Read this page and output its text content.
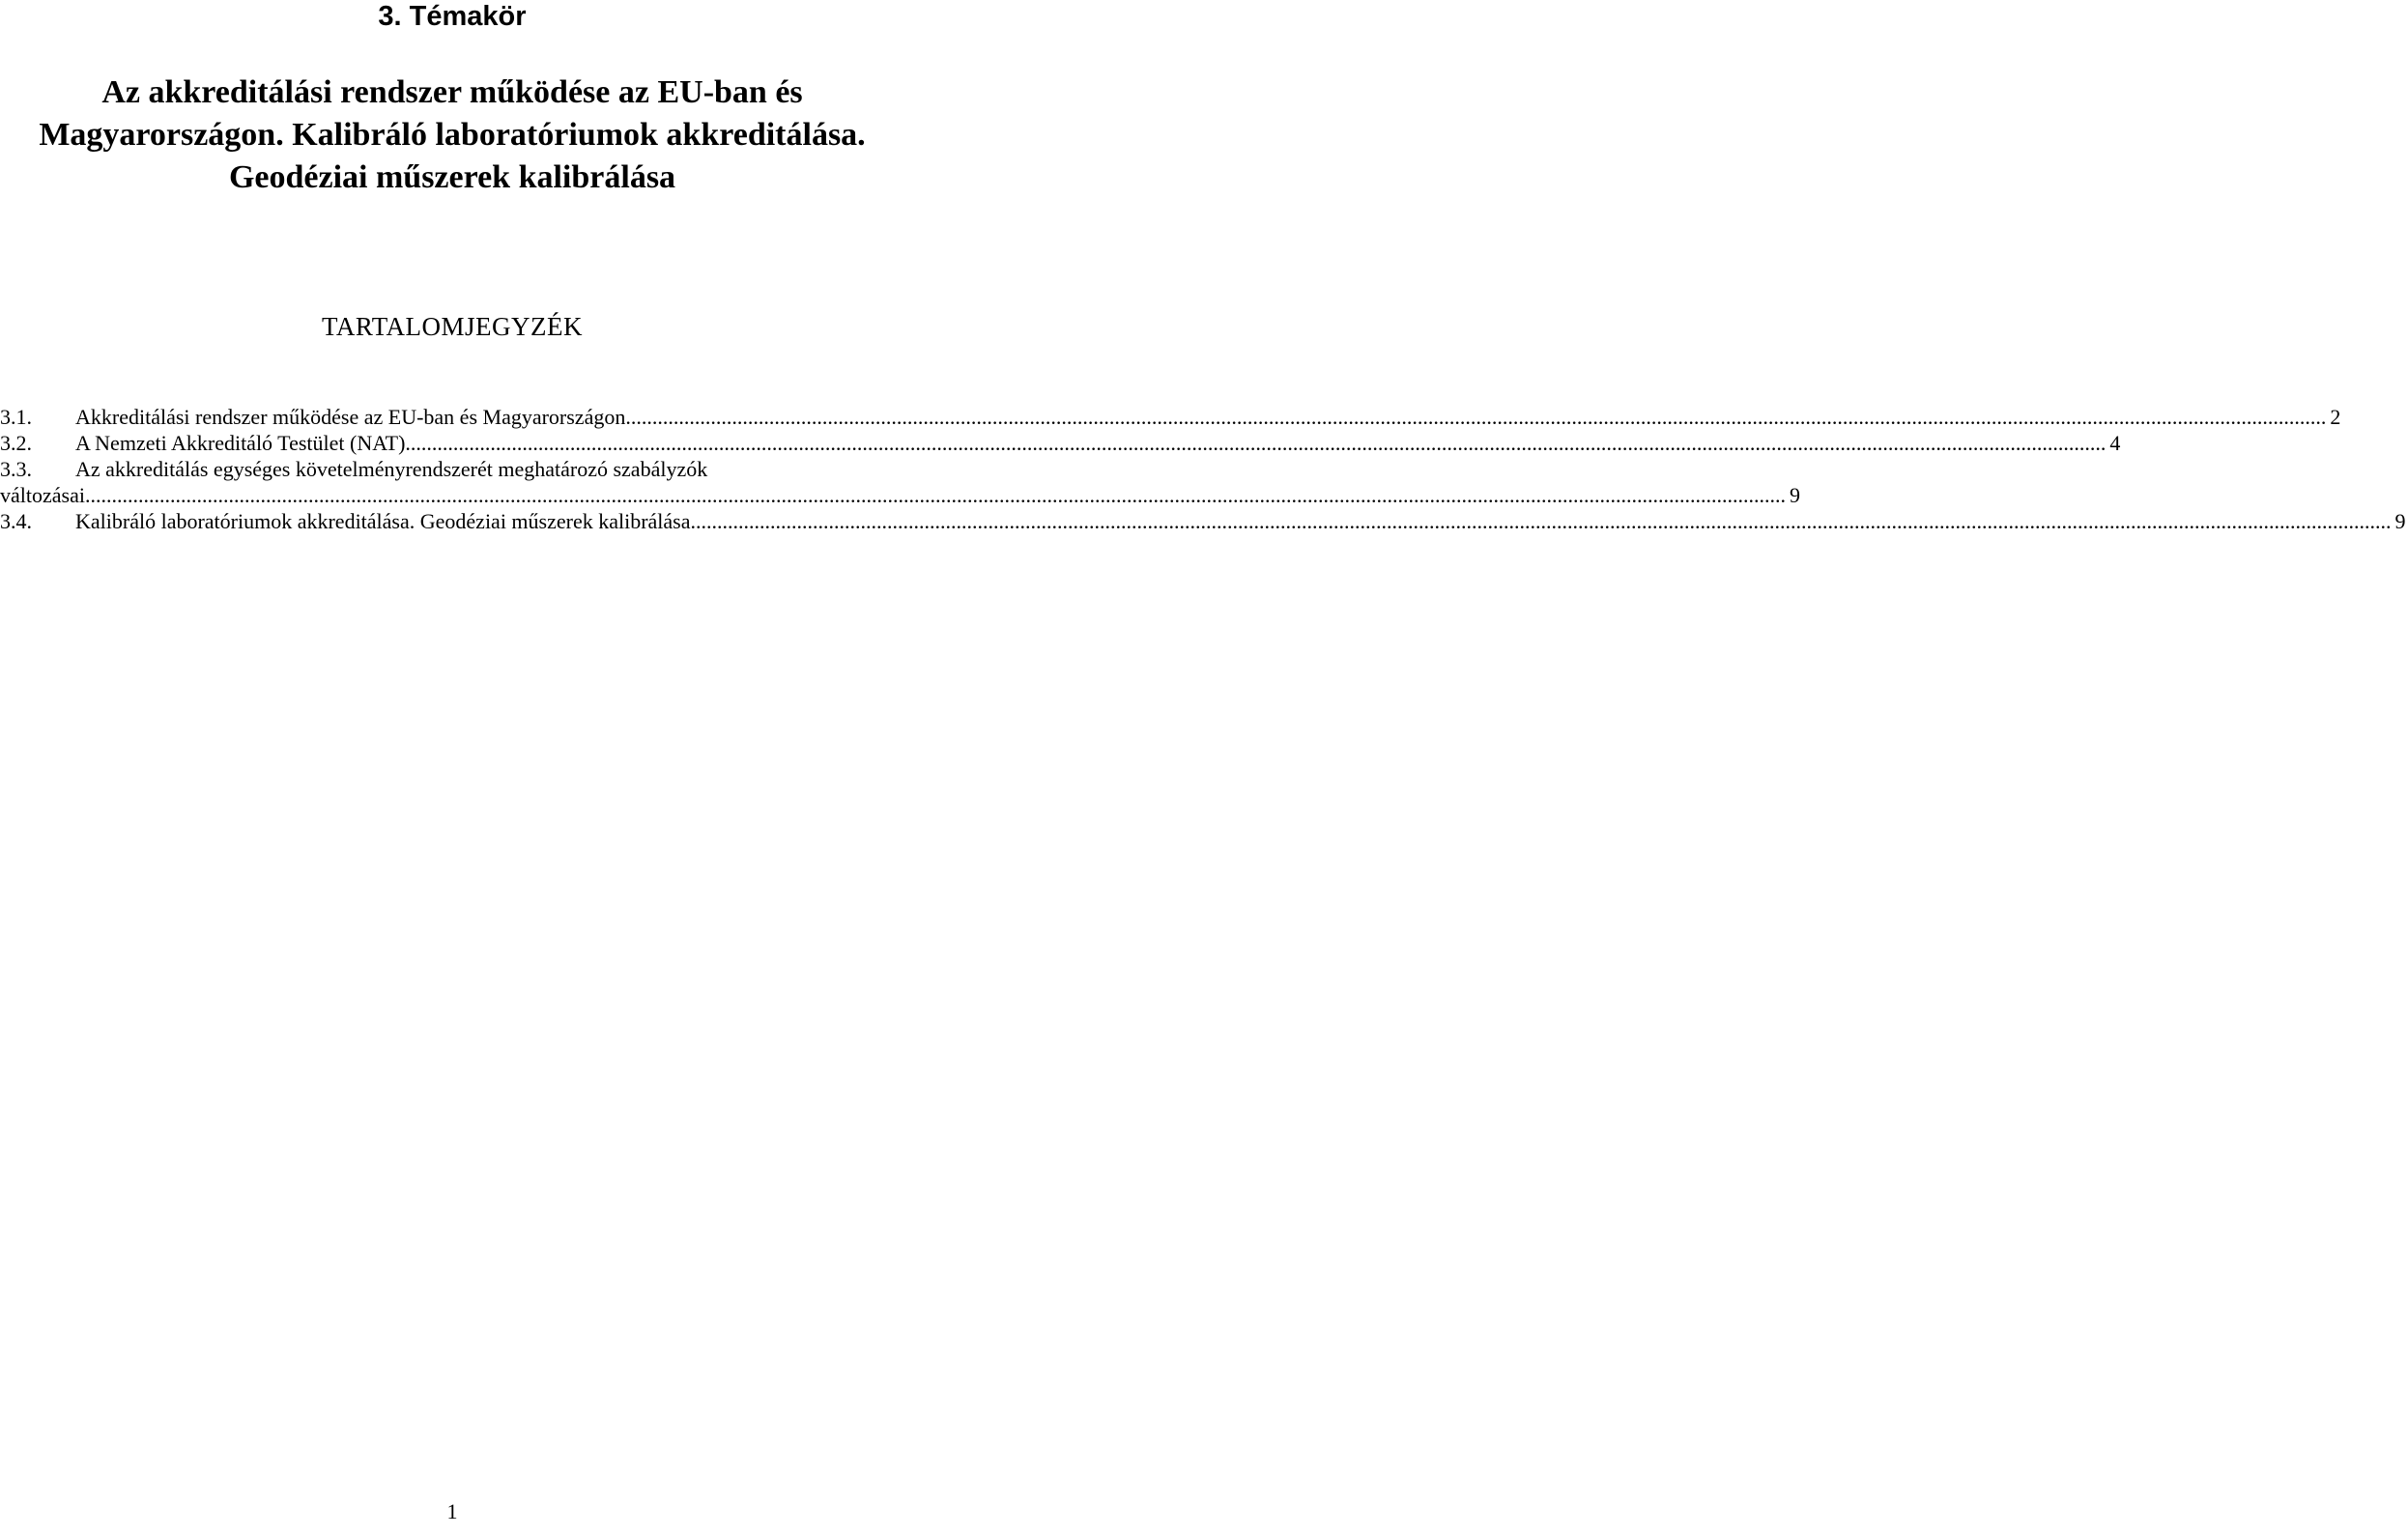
3. Témakör
Az akkreditálási rendszer működése az EU-ban és
Magyarországon. Kalibráló laboratóriumok akkreditálása.
Geodéziai műszerek kalibrálása
TARTALOMJEGYZÉK
3.1.	Akkreditálási rendszer működése az EU-ban és Magyarországon .....	2
3.2.	A Nemzeti Akkreditáló Testület (NAT) .....	4
3.3.	Az akkreditálás egységes követelményrendszerét meghatározó szabályzók
változásai .....	9
3.4.	Kalibráló laboratóriumok akkreditálása. Geodéziai műszerek kalibrálása .....	9
1
